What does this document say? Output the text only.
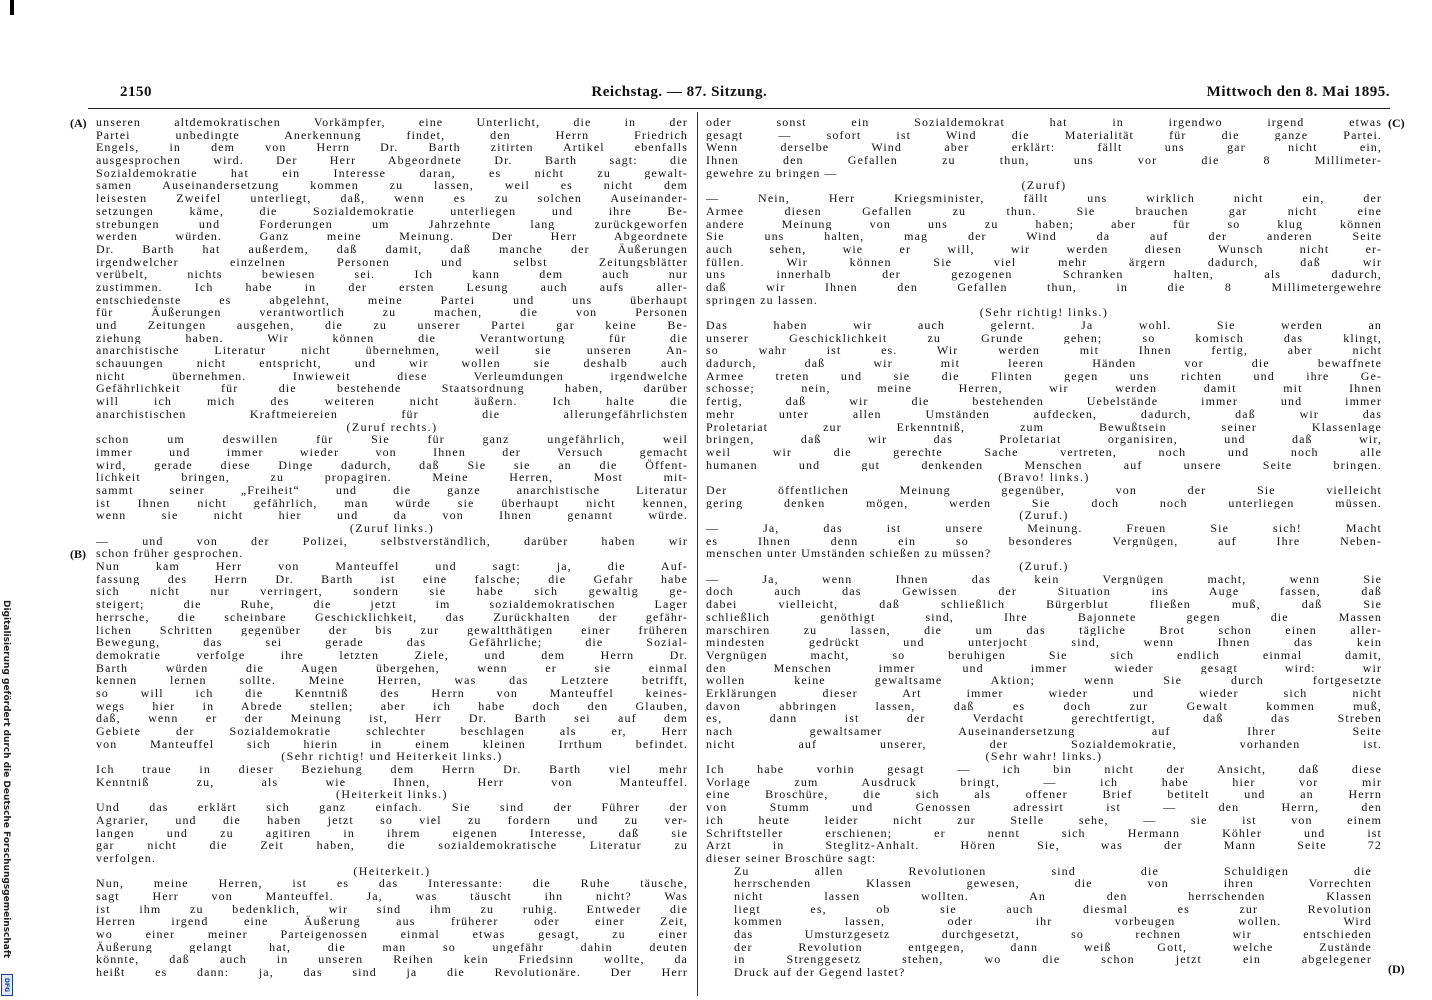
2150	Reichstag. — 87. Sitzung.	Mittwoch den 8. Mai 1895.
(A)
(B)
(C)
(D)
unseren altdemokratischen Vorkämpfer, eine Unterlicht, die in der
Partei unbedingte Anerkennung findet, den Herrn Friedrich
Engels, in dem von Herrn Dr. Barth zitirten Artikel ebenfalls
ausgesprochen wird. Der Herr Abgeordnete Dr. Barth sagt: die
Sozialdemokratie hat ein Interesse daran, es nicht zu gewalt-
samen Auseinandersetzung kommen zu lassen, weil es nicht dem
leisesten Zweifel unterliegt, daß, wenn es zu solchen Auseinander-
setzungen käme, die Sozialdemokratie unterliegen und ihre Be-
strebungen und Forderungen um Jahrzehnte lang zurückgeworfen
werden würden. Ganz meine Meinung. Der Herr Abgeordnete
Dr. Barth hat außerdem, daß damit, daß manche der Äußerungen
irgendwelcher einzelnen Personen und selbst Zeitungsblätter
verübelt, nichts bewiesen sei. Ich kann dem auch nur
zustimmen. Ich habe in der ersten Lesung auch aufs aller-
entschiedenste es abgelehnt, meine Partei und uns überhaupt
für Äußerungen verantwortlich zu machen, die von Personen
und Zeitungen ausgehen, die zu unserer Partei gar keine Be-
ziehung haben. Wir können die Verantwortung für die
anarchistische Literatur nicht übernehmen, weil sie unseren An-
schauungen nicht entspricht, und wir wollen sie deshalb auch
nicht übernehmen. Inwieweit diese Verleumdungen irgendwelche
Gefährlichkeit für die bestehende Staatsordnung haben, darüber
will ich mich des weiteren nicht äußern. Ich halte die
anarchistischen Kraftmeiereien für die allerungefährlichsten
(Zuruf rechts.)
schon um deswillen für Sie für ganz ungefährlich, weil
immer und immer wieder von Ihnen der Versuch gemacht
wird, gerade diese Dinge dadurch, daß Sie sie an die Öffent-
lichkeit bringen, zu propagiren. Meine Herren, Most mit-
sammt seiner „Freiheit“ und die ganze anarchistische Literatur
ist Ihnen nicht gefährlich, man würde sie überhaupt nicht kennen,
wenn sie nicht hier und da von Ihnen genannt würde.
(Zuruf links.)
— und von der Polizei, selbstverständlich, darüber haben wir
schon früher gesprochen.
Nun kam Herr von Manteuffel und sagt: ja, die Auf-
fassung des Herrn Dr. Barth ist eine falsche; die Gefahr habe
sich nicht nur verringert, sondern sie habe sich gewaltig ge-
steigert; die Ruhe, die jetzt im sozialdemokratischen Lager
herrsche, die scheinbare Geschicklichkeit, das Zurückhalten der gefähr-
lichen Schritten gegenüber der bis zur gewaltthätigen einer früheren
Bewegung, das sei gerade das Gefährliche; die Sozial-
demokratie verfolge ihre letzten Ziele, und dem Herrn Dr.
Barth würden die Augen übergehen, wenn er sie einmal
kennen lernen sollte. Meine Herren, was das Letztere betrifft,
so will ich die Kenntniß des Herrn von Manteuffel keines-
wegs hier in Abrede stellen; aber ich habe doch den Glauben,
daß, wenn er der Meinung ist, Herr Dr. Barth sei auf dem
Gebiete der Sozialdemokratie schlechter beschlagen als er, Herr
von Manteuffel sich hierin in einem kleinen Irrthum befindet.
(Sehr richtig! und Heiterkeit links.)
Ich traue in dieser Beziehung dem Herrn Dr. Barth viel mehr
Kenntniß zu, als wie Ihnen, Herr von Manteuffel.
(Heiterkeit links.)
Und das erklärt sich ganz einfach. Sie sind der Führer der
Agrarier, und die haben jetzt so viel zu fordern und zu ver-
langen und zu agitiren in ihrem eigenen Interesse, daß sie
gar nicht die Zeit haben, die sozialdemokratische Literatur zu
verfolgen.
(Heiterkeit.)
Nun, meine Herren, ist es das Interessante: die Ruhe täusche,
sagt Herr von Manteuffel. Ja, was täuscht ihn nicht? Was
ist ihm zu bedenklich, wir sind ihm zu ruhig. Entweder die
Herren irgend eine Äußerung aus früherer oder einer Zeit,
wo einer meiner Parteigenossen einmal etwas gesagt, zu einer
Äußerung gelangt hat, die man so ungefähr dahin deuten
könnte, daß auch in unseren Reihen kein Friedsinn wollte, da
heißt es dann: ja, das sind ja die Revolutionäre. Der Herr
oder sonst ein Sozialdemokrat hat in irgendwo irgend etwas
gesagt — sofort ist Wind die Materialität für die ganze Partei.
Wenn derselbe Wind aber erklärt: fällt uns gar nicht ein,
Ihnen den Gefallen zu thun, uns vor die 8 Millimeter-
gewehre zu bringen —
(Zuruf)
— Nein, Herr Kriegsminister, fällt uns wirklich nicht ein, der
Armee diesen Gefallen zu thun. Sie brauchen gar nicht eine
andere Meinung von uns zu haben; aber für so klug können
Sie uns halten, mag der Wind da auf der anderen Seite
auch sehen, wie er will, wir werden diesen Wunsch nicht er-
füllen. Wir können Sie viel mehr ärgern dadurch, daß wir
uns innerhalb der gezogenen Schranken halten, als dadurch,
daß wir Ihnen den Gefallen thun, in die 8 Millimetergewehre
springen zu lassen.
(Sehr richtig! links.)
Das haben wir auch gelernt. Ja wohl. Sie werden an
unserer Geschicklichkeit zu Grunde gehen; so komisch das klingt,
so wahr ist es. Wir werden mit Ihnen fertig, aber nicht
dadurch, daß wir mit leeren Händen vor die bewaffnete
Armee treten und sie die Flinten gegen uns richten und ihre Ge-
schosse; nein, meine Herren, wir werden damit mit Ihnen
fertig, daß wir die bestehenden Uebelstände immer und immer
mehr unter allen Umständen aufdecken, dadurch, daß wir das
Proletariat zur Erkenntniß, zum Bewußtsein seiner Klassenlage
bringen, daß wir das Proletariat organisiren, und daß wir,
weil wir die gerechte Sache vertreten, noch und noch alle
humanen und gut denkenden Menschen auf unsere Seite bringen.
(Bravo! links.)
Der öffentlichen Meinung gegenüber, von der Sie vielleicht
gering denken mögen, werden Sie doch noch unterliegen müssen.
(Zuruf.)
— Ja, das ist unsere Meinung. Freuen Sie sich! Macht
es Ihnen denn ein so besonderes Vergnügen, auf Ihre Neben-
menschen unter Umständen schießen zu müssen?
(Zuruf.)
— Ja, wenn Ihnen das kein Vergnügen macht, wenn Sie
doch auch das Gewissen der Situation ins Auge fassen, daß
dabei vielleicht, daß schließlich Bürgerblut fließen muß, daß Sie
schließlich genöthigt sind, Ihre Bajonnete gegen die Massen
marschiren zu lassen, die um das tägliche Brot schon einen aller-
mindesten gedrückt und unterjocht sind, wenn Ihnen das kein
Vergnügen macht, so beruhigen Sie sich endlich einmal damit,
den Menschen immer und immer wieder gesagt wird: wir
wollen keine gewaltsame Aktion; wenn Sie durch fortgesetzte
Erklärungen dieser Art immer wieder und wieder sich nicht
davon abbringen lassen, daß es doch zur Gewalt kommen muß,
es, dann ist der Verdacht gerechtfertigt, daß das Streben
nach gewaltsamer Auseinandersetzung auf Ihrer Seite
nicht auf unserer, der Sozialdemokratie, vorhanden ist.
(Sehr wahr! links.)
Ich habe vorhin gesagt — ich bin nicht der Ansicht, daß diese
Vorlage zum Ausdruck bringt, — ich habe hier vor mir
eine Broschüre, die sich als offener Brief betitelt und an Herrn
von Stumm und Genossen adressirt ist — den Herrn, den
ich heute leider nicht zur Stelle sehe, — sie ist von einem
Schriftsteller erschienen; er nennt sich Hermann Köhler und ist
Arzt in Steglitz-Anhalt. Hören Sie, was der Mann Seite 72
dieser seiner Broschüre sagt:
Zu allen Revolutionen sind die Schuldigen die
herrschenden Klassen gewesen, die von ihren Vorrechten
nicht lassen wollten. An den herrschenden Klassen
liegt es, ob sie auch diesmal es zur Revolution
kommen lassen, oder ihr vorbeugen wollen. Wird
das Umsturzgesetz durchgesetzt, so rechnen wir entschieden
der Revolution entgegen, dann weiß Gott, welche Zustände
in Strenggesetz stehen, wo die schon jetzt ein abgelegener
Druck auf der Gegend lastet?
Digitalisierung gefördert durch die Deutsche Forschungsgemeinschaft
DFG
